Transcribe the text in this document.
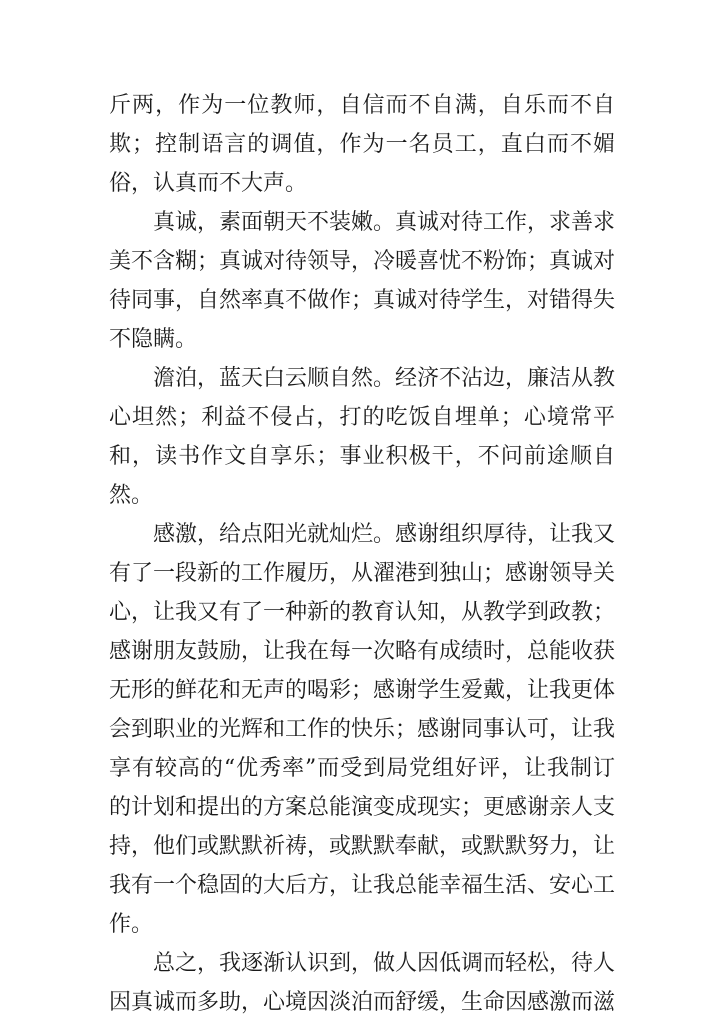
斤两，作为一位教师，自信而不自满，自乐而不自欺；控制语言的调值，作为一名员工，直白而不媚俗，认真而不大声。

真诚，素面朝天不装嫩。真诚对待工作，求善求美不含糊；真诚对待领导，冷暖喜忧不粉饰；真诚对待同事，自然率真不做作；真诚对待学生，对错得失不隐瞒。

澹泊，蓝天白云顺自然。经济不沾边，廉洁从教心坦然；利益不侵占，打的吃饭自埋单；心境常平和，读书作文自享乐；事业积极干，不问前途顺自然。

感激，给点阳光就灿烂。感谢组织厚待，让我又有了一段新的工作履历，从濯港到独山；感谢领导关心，让我又有了一种新的教育认知，从教学到政教；感谢朋友鼓励，让我在每一次略有成绩时，总能收获无形的鲜花和无声的喝彩；感谢学生爱戴，让我更体会到职业的光辉和工作的快乐；感谢同事认可，让我享有较高的“优秀率”而受到局党组好评，让我制订的计划和提出的方案总能演变成现实；更感谢亲人支持，他们或默默祈祷，或默默奉献，或默默努力，让我有一个稳固的大后方，让我总能幸福生活、安心工作。

总之，我逐渐认识到，做人因低调而轻松，待人因真诚而多助，心境因淡泊而舒缓，生命因感激而滋
